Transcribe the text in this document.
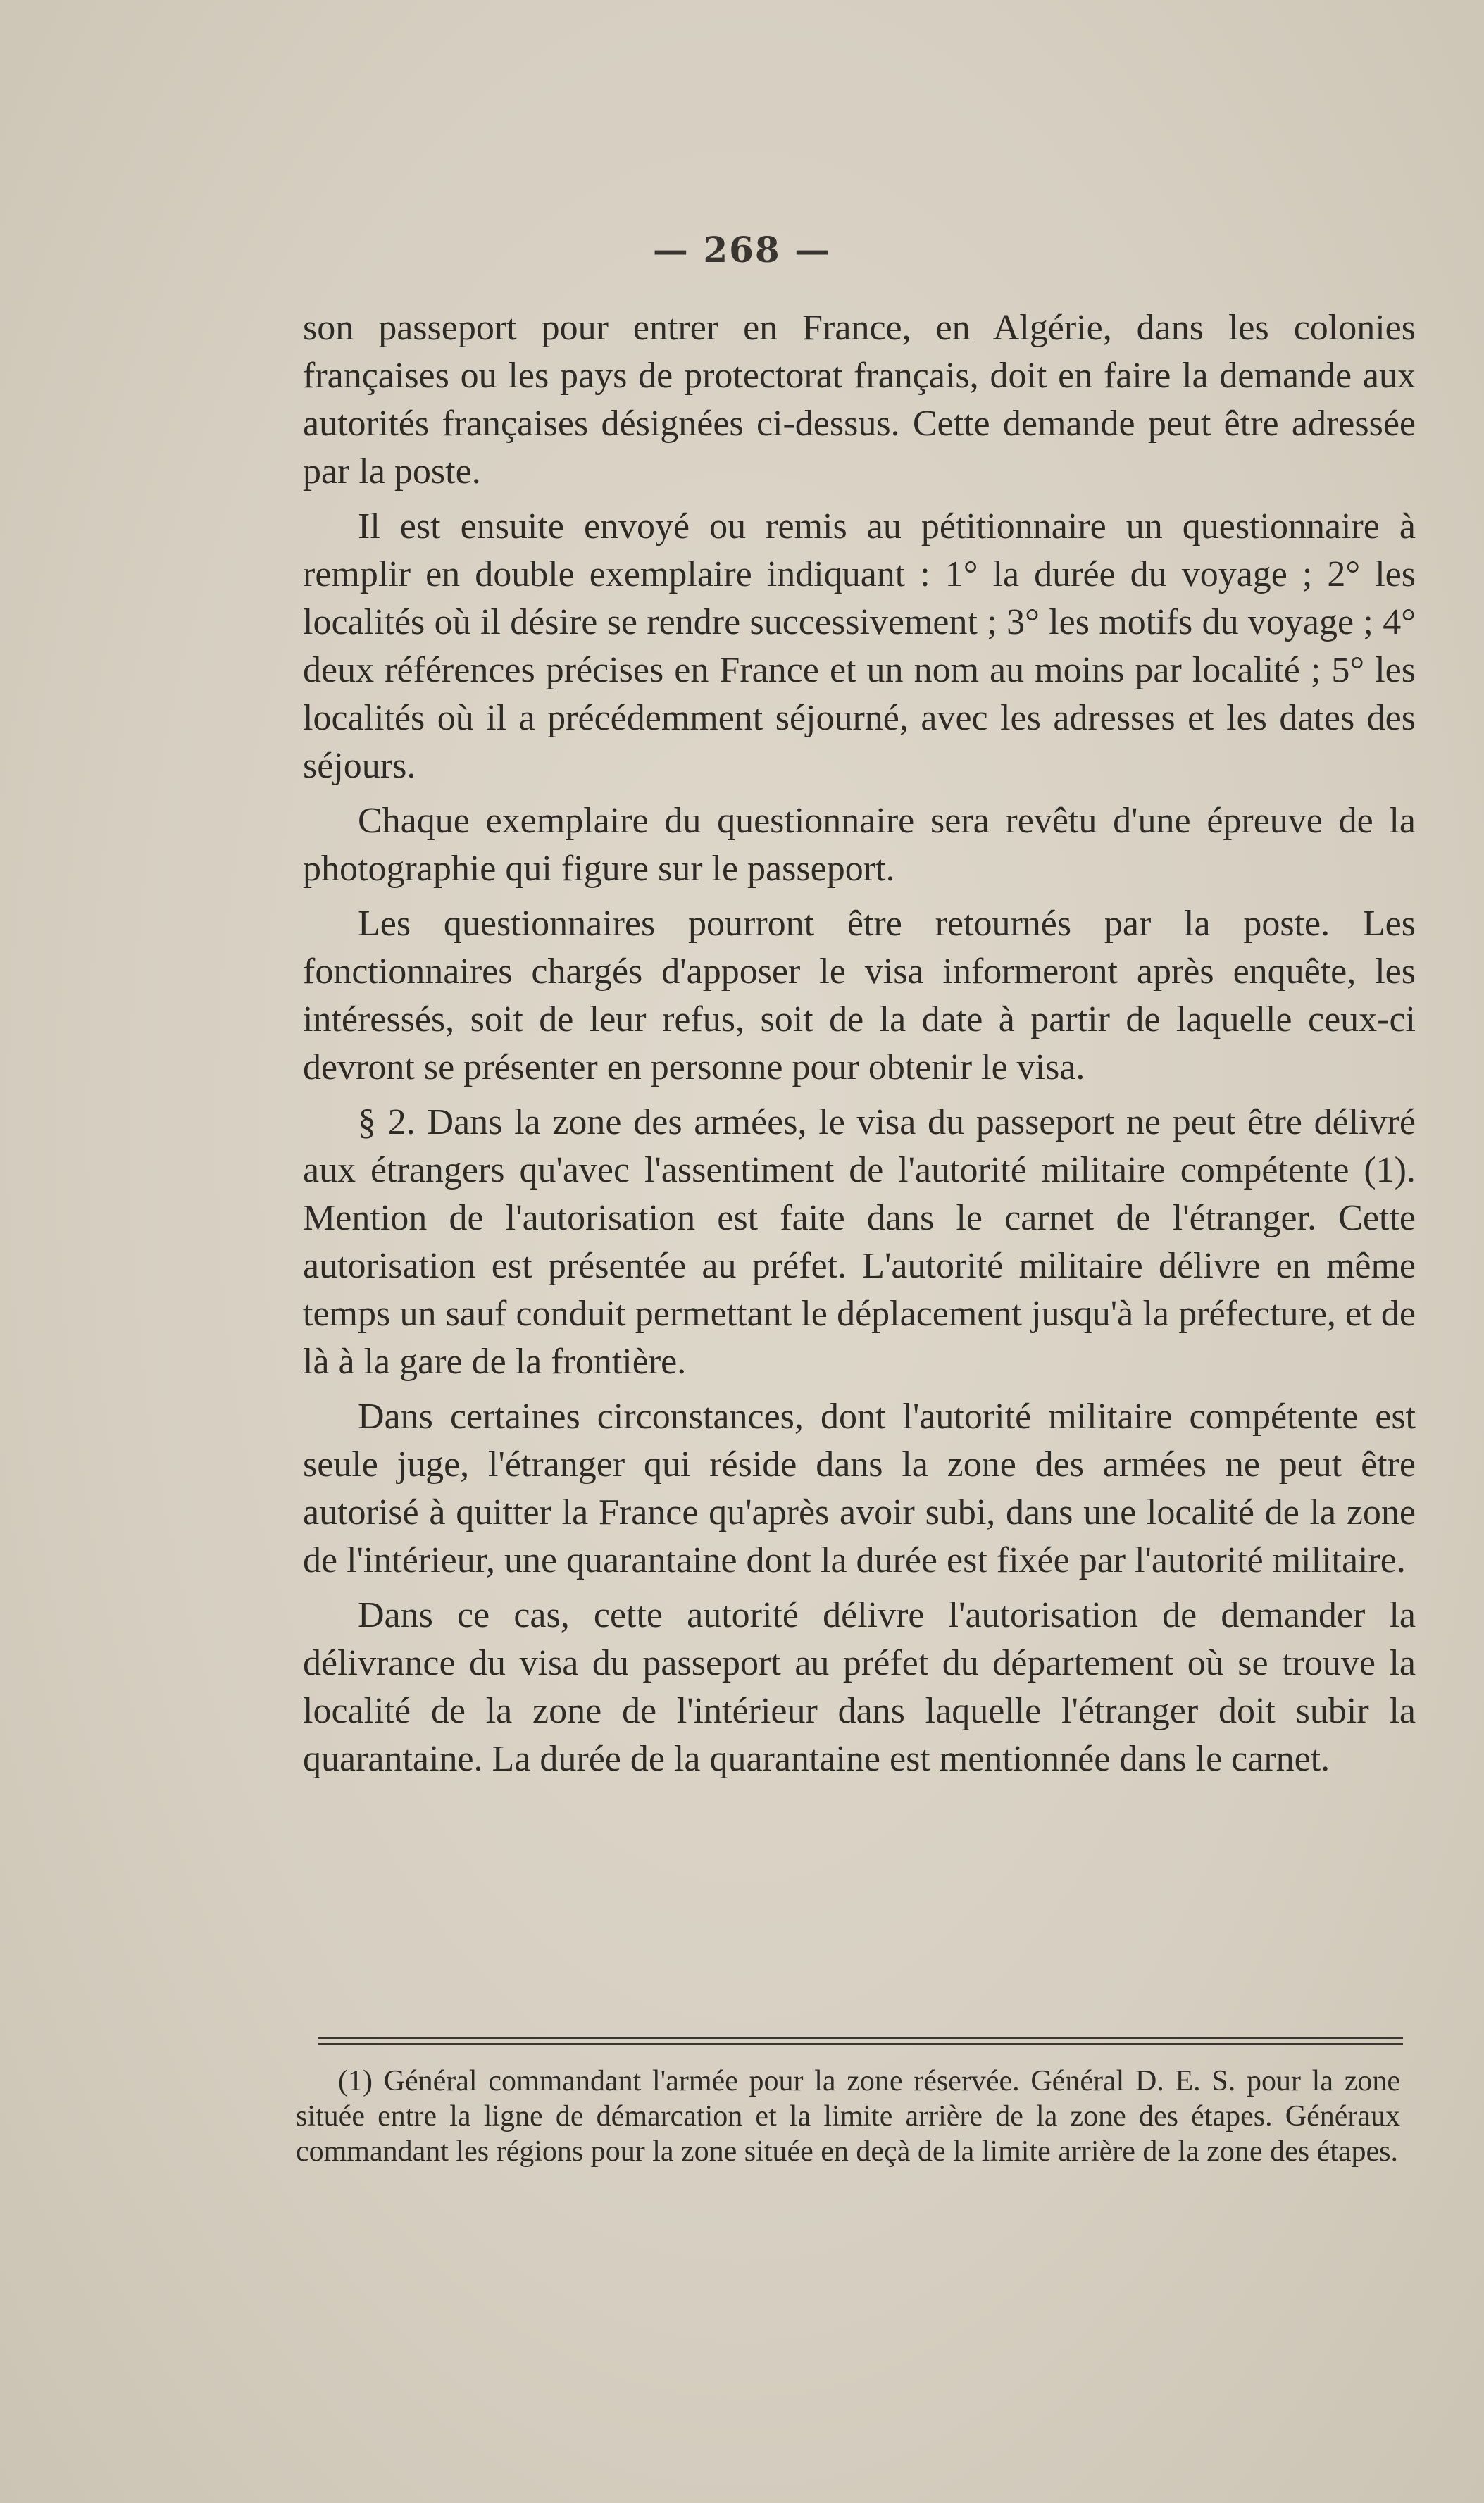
— 268 —

son passeport pour entrer en France, en Algérie, dans les colonies françaises ou les pays de protectorat français, doit en faire la demande aux autorités françaises désignées ci-dessus. Cette demande peut être adressée par la poste.

Il est ensuite envoyé ou remis au pétitionnaire un questionnaire à remplir en double exemplaire indiquant : 1° la durée du voyage ; 2° les localités où il désire se rendre successivement ; 3° les motifs du voyage ; 4° deux références précises en France et un nom au moins par localité ; 5° les localités où il a précédemment séjourné, avec les adresses et les dates des séjours.

Chaque exemplaire du questionnaire sera revêtu d'une épreuve de la photographie qui figure sur le passeport.

Les questionnaires pourront être retournés par la poste. Les fonctionnaires chargés d'apposer le visa informeront après enquête, les intéressés, soit de leur refus, soit de la date à partir de laquelle ceux-ci devront se présenter en personne pour obtenir le visa.

§ 2. Dans la zone des armées, le visa du passeport ne peut être délivré aux étrangers qu'avec l'assentiment de l'autorité militaire compétente (1). Mention de l'autorisation est faite dans le carnet de l'étranger. Cette autorisation est présentée au préfet. L'autorité militaire délivre en même temps un sauf conduit permettant le déplacement jusqu'à la préfecture, et de là à la gare de la frontière.

Dans certaines circonstances, dont l'autorité militaire compétente est seule juge, l'étranger qui réside dans la zone des armées ne peut être autorisé à quitter la France qu'après avoir subi, dans une localité de la zone de l'intérieur, une quarantaine dont la durée est fixée par l'autorité militaire.

Dans ce cas, cette autorité délivre l'autorisation de demander la délivrance du visa du passeport au préfet du département où se trouve la localité de la zone de l'intérieur dans laquelle l'étranger doit subir la quarantaine. La durée de la quarantaine est mentionnée dans le carnet.

(1) Général commandant l'armée pour la zone réservée. Général D. E. S. pour la zone située entre la ligne de démarcation et la limite arrière de la zone des étapes. Généraux commandant les régions pour la zone située en deçà de la limite arrière de la zone des étapes.
